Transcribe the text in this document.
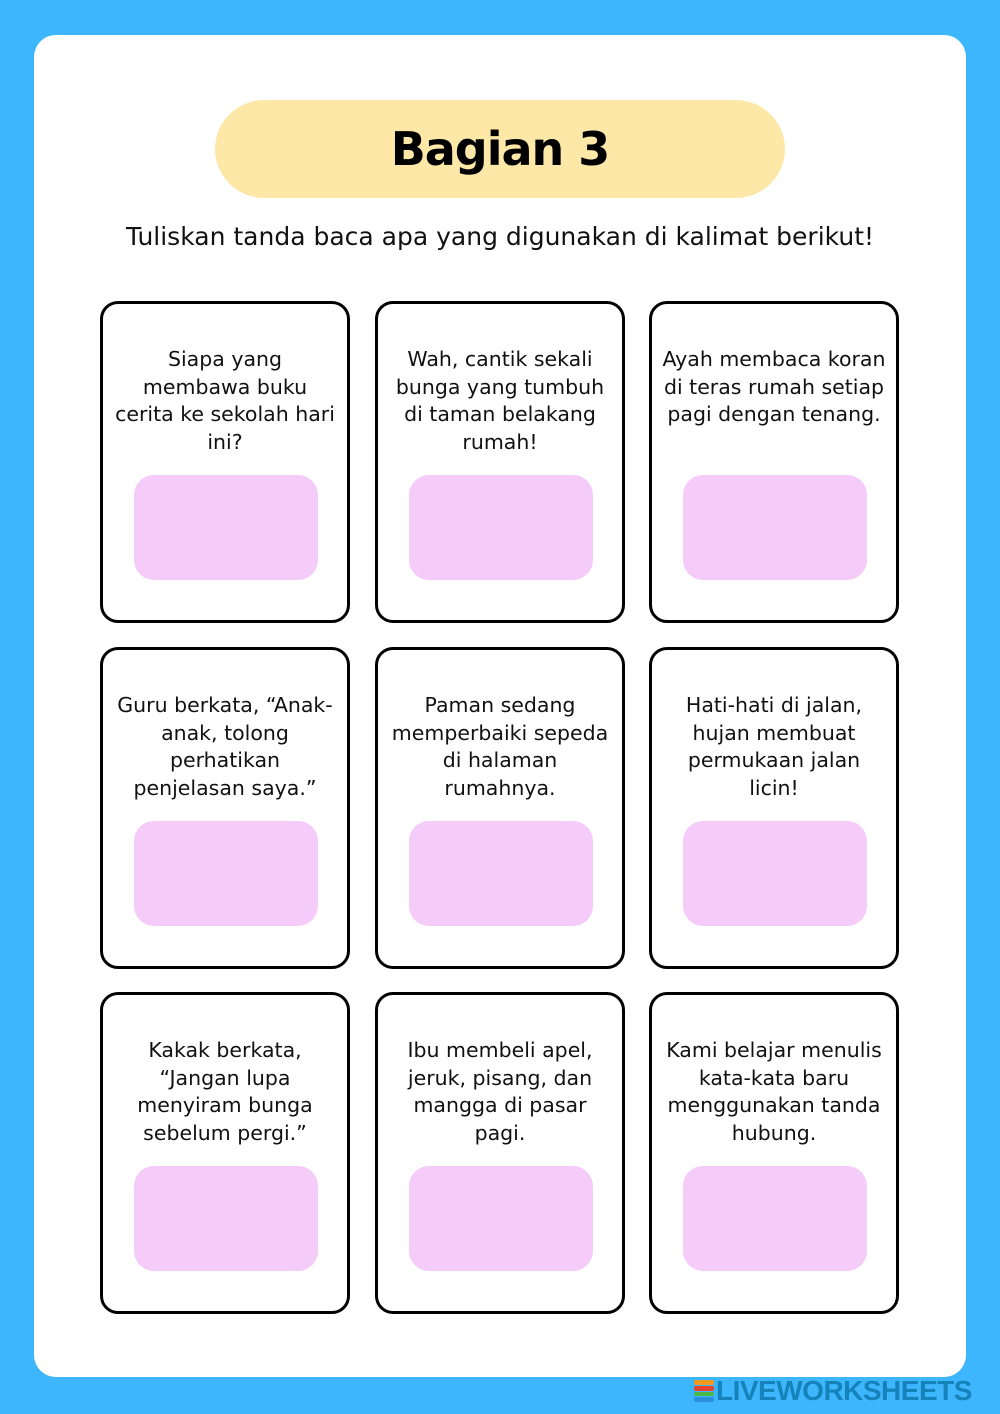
Bagian 3
Tuliskan tanda baca apa yang digunakan di kalimat berikut!
Siapa yang membawa buku cerita ke sekolah hari ini?
Wah, cantik sekali bunga yang tumbuh di taman belakang rumah!
Ayah membaca koran di teras rumah setiap pagi dengan tenang.
Guru berkata, “Anak-anak, tolong perhatikan penjelasan saya.”
Paman sedang memperbaiki sepeda di halaman rumahnya.
Hati-hati di jalan, hujan membuat permukaan jalan licin!
Kakak berkata, “Jangan lupa menyiram bunga sebelum pergi.”
Ibu membeli apel, jeruk, pisang, dan mangga di pasar pagi.
Kami belajar menulis kata-kata baru menggunakan tanda hubung.
LIVEWORKSHEETS
